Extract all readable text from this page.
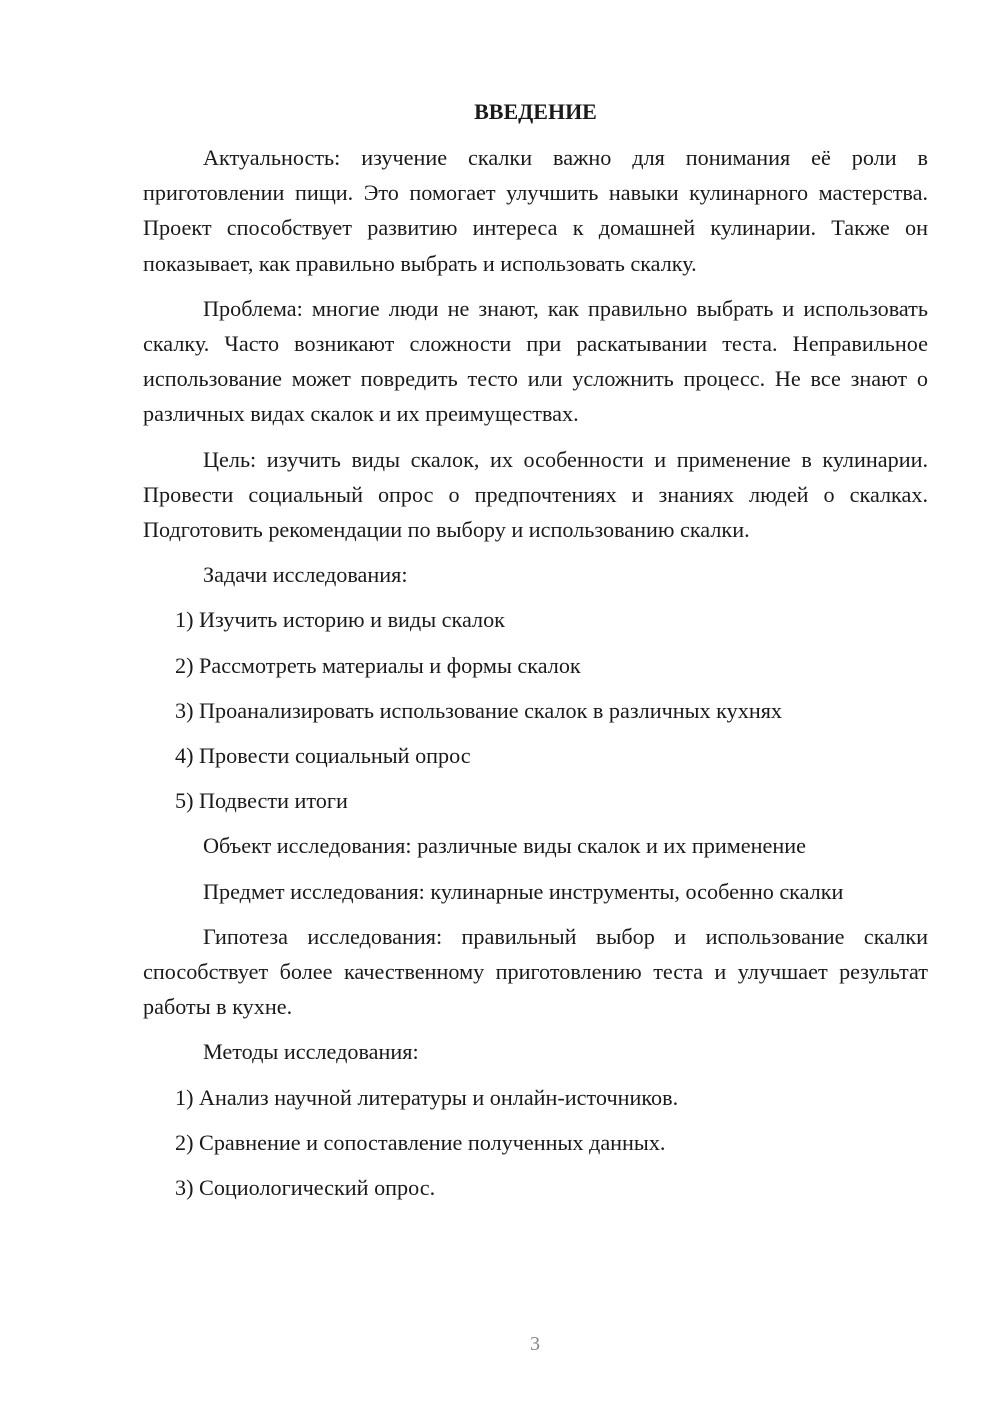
ВВЕДЕНИЕ

Актуальность: изучение скалки важно для понимания её роли в приготовлении пищи. Это помогает улучшить навыки кулинарного мастерства. Проект способствует развитию интереса к домашней кулинарии. Также он показывает, как правильно выбрать и использовать скалку.

Проблема: многие люди не знают, как правильно выбрать и использовать скалку. Часто возникают сложности при раскатывании теста. Неправильное использование может повредить тесто или усложнить процесс. Не все знают о различных видах скалок и их преимуществах.

Цель: изучить виды скалок, их особенности и применение в кулинарии. Провести социальный опрос о предпочтениях и знаниях людей о скалках. Подготовить рекомендации по выбору и использованию скалки.

Задачи исследования:

1) Изучить историю и виды скалок

2) Рассмотреть материалы и формы скалок

3) Проанализировать использование скалок в различных кухнях

4) Провести социальный опрос

5) Подвести итоги

Объект исследования: различные виды скалок и их применение

Предмет исследования: кулинарные инструменты, особенно скалки

Гипотеза исследования: правильный выбор и использование скалки способствует более качественному приготовлению теста и улучшает результат работы в кухне.

Методы исследования:

1) Анализ научной литературы и онлайн-источников.

2) Сравнение и сопоставление полученных данных.

3) Социологический опрос.

3
